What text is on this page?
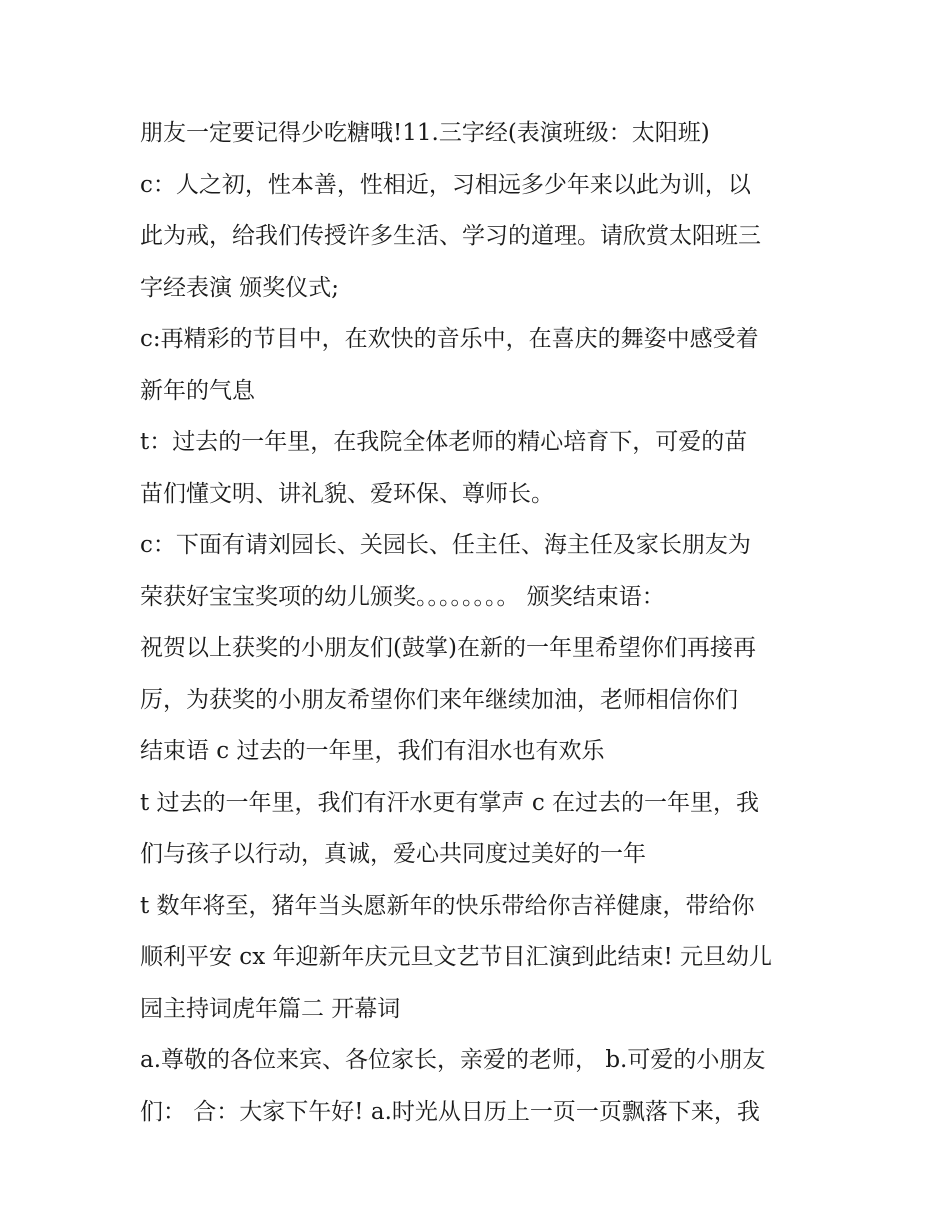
朋友一定要记得少吃糖哦!11.三字经(表演班级：太阳班)
c：人之初，性本善，性相近，习相远多少年来以此为训，以
此为戒，给我们传授许多生活、学习的道理。请欣赏太阳班三
字经表演 颁奖仪式;
c:再精彩的节目中，在欢快的音乐中，在喜庆的舞姿中感受着
新年的气息
t：过去的一年里，在我院全体老师的精心培育下，可爱的苗
苗们懂文明、讲礼貌、爱环保、尊师长。
c：下面有请刘园长、关园长、任主任、海主任及家长朋友为
荣获好宝宝奖项的幼儿颁奖。。。。。。。。 颁奖结束语：
祝贺以上获奖的小朋友们(鼓掌)在新的一年里希望你们再接再
厉，为获奖的小朋友希望你们来年继续加油，老师相信你们
结束语 c 过去的一年里，我们有泪水也有欢乐
t 过去的一年里，我们有汗水更有掌声 c 在过去的一年里，我
们与孩子以行动，真诚，爱心共同度过美好的一年
t 数年将至，猪年当头愿新年的快乐带给你吉祥健康，带给你
顺利平安 cx 年迎新年庆元旦文艺节目汇演到此结束! 元旦幼儿
园主持词虎年篇二 开幕词
a.尊敬的各位来宾、各位家长，亲爱的老师， b.可爱的小朋友
们： 合：大家下午好! a.时光从日历上一页一页飘落下来，我
